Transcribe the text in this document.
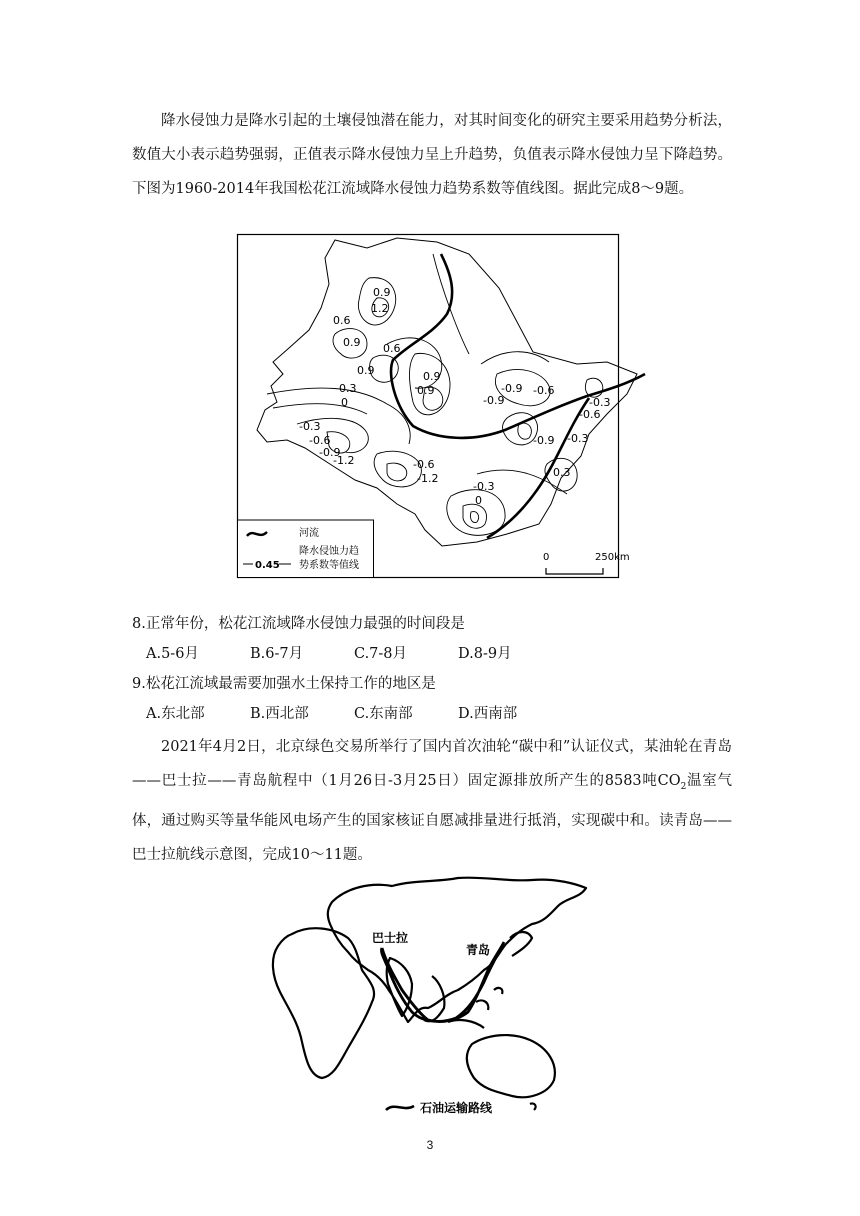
降水侵蚀力是降水引起的土壤侵蚀潜在能力，对其时间变化的研究主要采用趋势分析法，数值大小表示趋势强弱，正值表示降水侵蚀力呈上升趋势，负值表示降水侵蚀力呈下降趋势。下图为1960-2014年我国松花江流域降水侵蚀力趋势系数等值线图。据此完成8～9题。

0.9
1.2
0.6
0.9 0.6
0.9	0.9
0.9
0.3
0
-0.3
-0.6
-0.9
-1.2
-0.9
-0.9
-0.6
-0.3
-0.6
-0.9 -0.3
0.3
-0.6
-1.2
-0.3
0
河流
0.45
降水侵蚀力趋
势系数等值线
0	250km

8.正常年份，松花江流域降水侵蚀力最强的时间段是

A.5-6月	B.6-7月	C.7-8月	D.8-9月

9.松花江流域最需要加强水土保持工作的地区是

A.东北部	B.西北部	C.东南部	D.西南部

2021年4月2日，北京绿色交易所举行了国内首次油轮“碳中和”认证仪式，某油轮在青岛——巴士拉——青岛航程中（1月26日-3月25日）固定源排放所产生的8583吨$CO_2$温室气体，通过购买等量华能风电场产生的国家核证自愿减排量进行抵消，实现碳中和。读青岛——巴士拉航线示意图，完成10～11题。

巴士拉
青岛
石油运输路线
3
